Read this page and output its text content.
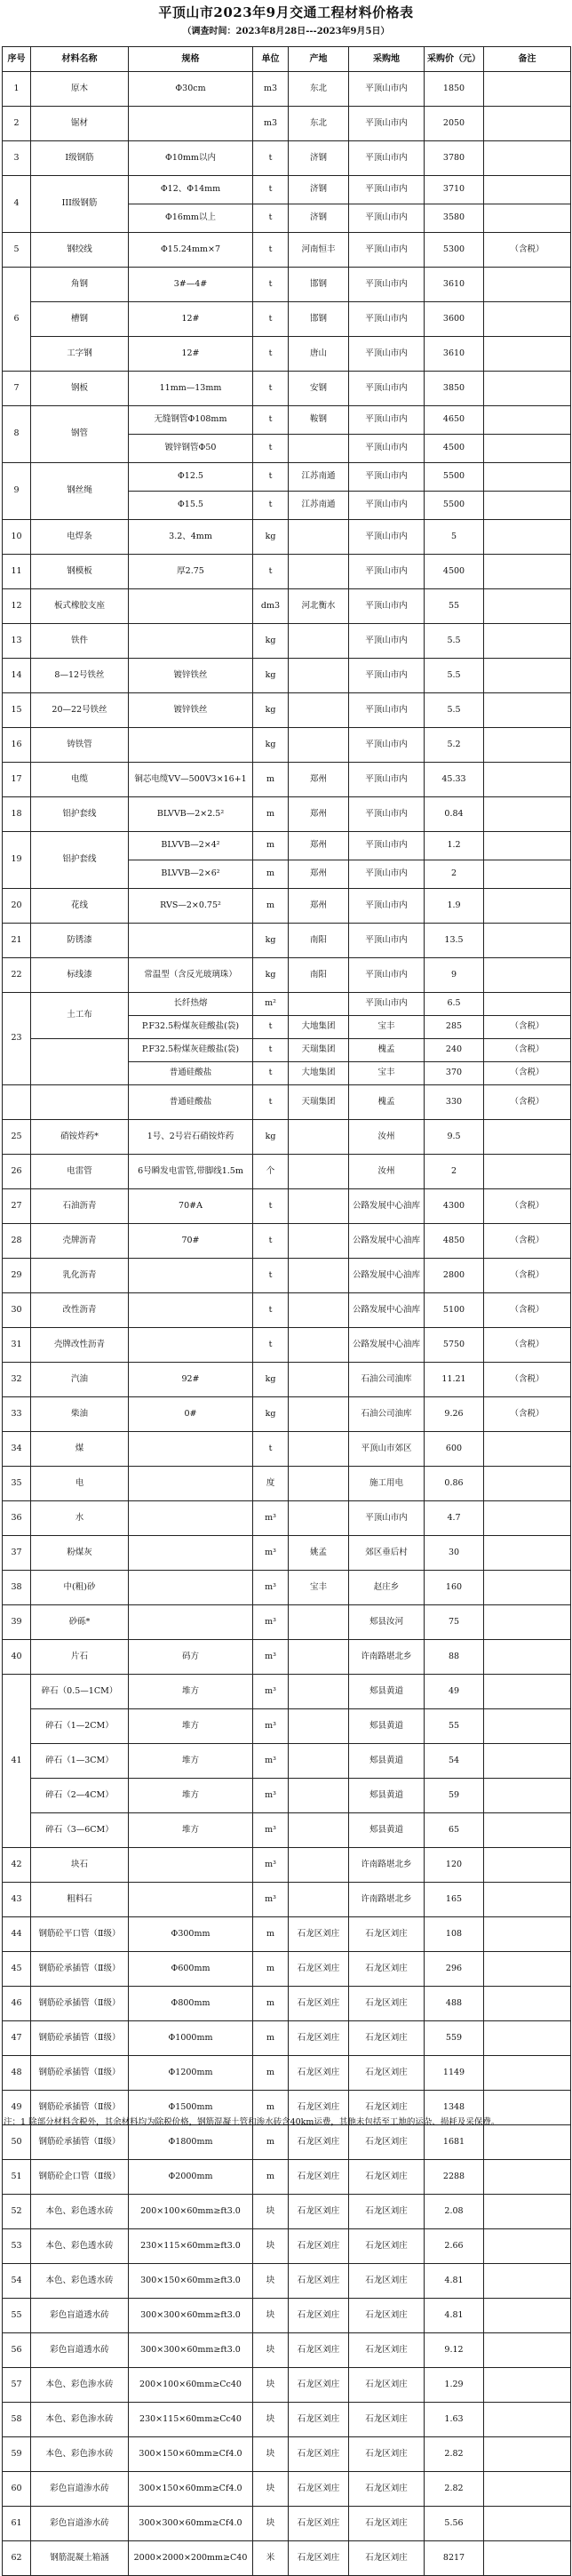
平顶山市2023年9月交通工程材料价格表
（调查时间：2023年8月28日---2023年9月5日）
序号	材料名称	规格	单位	产地	采购地	采购价（元）	备注
1	原木	Φ30cm	m3	东北	平顶山市内	1850	
2	锯材		m3	东北	平顶山市内	2050	
3	Ⅰ级钢筋	Φ10mm以内	t	济钢	平顶山市内	3780	
4	III级钢筋	Φ12、Φ14mm	t	济钢	平顶山市内	3710	
		Φ16mm以上	t	济钢	平顶山市内	3580	
5	钢绞线	Φ15.24mm×7	t	河南恒丰	平顶山市内	5300	（含税）
6	角钢	3#—4#	t	邯钢	平顶山市内	3610	
	槽钢	12#	t	邯钢	平顶山市内	3600	
	工字钢	12#	t	唐山	平顶山市内	3610	
7	钢板	11mm—13mm	t	安钢	平顶山市内	3850	
8	钢管	无缝钢管Φ108mm	t	鞍钢	平顶山市内	4650	
		镀锌钢管Φ50	t		平顶山市内	4500	
9	钢丝绳	Φ12.5	t	江苏南通	平顶山市内	5500	
		Φ15.5	t	江苏南通	平顶山市内	5500	
10	电焊条	3.2、4mm	kg		平顶山市内	5	
11	钢模板	厚2.75	t		平顶山市内	4500	
12	板式橡胶支座		dm3	河北衡水	平顶山市内	55	
13	铁件		kg		平顶山市内	5.5	
14	8—12号铁丝	镀锌铁丝	kg		平顶山市内	5.5	
15	20—22号铁丝	镀锌铁丝	kg		平顶山市内	5.5	
16	铸铁管		kg		平顶山市内	5.2	
17	电缆	铜芯电缆VV—500V3×16+1	m	郑州	平顶山市内	45.33	
18	铝护套线	BLVVB—2×2.5²	m	郑州	平顶山市内	0.84	
19	铝护套线	BLVVB—2×4²	m	郑州	平顶山市内	1.2	
		BLVVB—2×6²	m	郑州	平顶山市内	2	
20	花线	RVS—2×0.75²	m	郑州	平顶山市内	1.9	
21	防锈漆		kg	南阳	平顶山市内	13.5	
22	标线漆	常温型（含反光玻璃珠）	kg	南阳	平顶山市内	9	
23	土工布	长纤热熔	m²		平顶山市内	6.5	
		P.F32.5粉煤灰硅酸盐(袋)	t	大地集团	宝丰	285	（含税）
		P.F32.5粉煤灰硅酸盐(袋)	t	天瑞集团	槐孟	240	（含税）
		普通硅酸盐	t	大地集团	宝丰	370	（含税）
		普通硅酸盐	t	天瑞集团	槐孟	330	（含税）
25	硝铵炸药*	1号、2号岩石硝铵炸药	kg		汝州	9.5	
26	电雷管	6号瞬发电雷管,带脚线1.5m	个		汝州	2	
27	石油沥青	70#A	t		公路发展中心油库	4300	（含税）
28	壳牌沥青	70#	t		公路发展中心油库	4850	（含税）
29	乳化沥青		t		公路发展中心油库	2800	（含税）
30	改性沥青		t		公路发展中心油库	5100	（含税）
31	壳牌改性沥青		t		公路发展中心油库	5750	（含税）
32	汽油	92#	kg		石油公司油库	11.21	（含税）
33	柴油	0#	kg		石油公司油库	9.26	（含税）
34	煤		t		平顶山市郊区	600	
35	电		度		施工用电	0.86	
36	水		m³		平顶山市内	4.7	
37	粉煤灰		m³	姚孟	郊区垂后村	30	
38	中(粗)砂		m³	宝丰	赵庄乡	160	
39	砂砾*		m³		郏县汝河	75	
40	片石	码方	m³		许南路堪北乡	88	
41	碎石（0.5—1CM）	堆方	m³		郏县黄道	49	
	碎石（1—2CM）	堆方	m³		郏县黄道	55	
	碎石（1—3CM）	堆方	m³		郏县黄道	54	
	碎石（2—4CM）	堆方	m³		郏县黄道	59	
	碎石（3—6CM）	堆方	m³		郏县黄道	65	
42	块石		m³		许南路堪北乡	120	
43	粗料石		m³		许南路堪北乡	165	
44	钢筋砼平口管（Ⅱ级）	Φ300mm	m	石龙区刘庄	石龙区刘庄	108	
45	钢筋砼承插管（Ⅱ级）	Φ600mm	m	石龙区刘庄	石龙区刘庄	296	
46	钢筋砼承插管（Ⅱ级）	Φ800mm	m	石龙区刘庄	石龙区刘庄	488	
47	钢筋砼承插管（Ⅱ级）	Φ1000mm	m	石龙区刘庄	石龙区刘庄	559	
48	钢筋砼承插管（Ⅱ级）	Φ1200mm	m	石龙区刘庄	石龙区刘庄	1149	
49	钢筋砼承插管（Ⅱ级）	Φ1500mm	m	石龙区刘庄	石龙区刘庄	1348	
50	钢筋砼承插管（Ⅱ级）	Φ1800mm	m	石龙区刘庄	石龙区刘庄	1681	
51	钢筋砼企口管（Ⅱ级）	Φ2000mm	m	石龙区刘庄	石龙区刘庄	2288	
52	本色、彩色透水砖	200×100×60mm≥ft3.0	块	石龙区刘庄	石龙区刘庄	2.08	
53	本色、彩色透水砖	230×115×60mm≥ft3.0	块	石龙区刘庄	石龙区刘庄	2.66	
54	本色、彩色透水砖	300×150×60mm≥ft3.0	块	石龙区刘庄	石龙区刘庄	4.81	
55	彩色盲道透水砖	300×300×60mm≥ft3.0	块	石龙区刘庄	石龙区刘庄	4.81	
56	彩色盲道透水砖	300×300×60mm≥ft3.0	块	石龙区刘庄	石龙区刘庄	9.12	
57	本色、彩色渗水砖	200×100×60mm≥Cc40	块	石龙区刘庄	石龙区刘庄	1.29	
58	本色、彩色渗水砖	230×115×60mm≥Cc40	块	石龙区刘庄	石龙区刘庄	1.63	
59	本色、彩色渗水砖	300×150×60mm≥Cf4.0	块	石龙区刘庄	石龙区刘庄	2.82	
60	彩色盲道渗水砖	300×150×60mm≥Cf4.0	块	石龙区刘庄	石龙区刘庄	2.82	
61	彩色盲道渗水砖	300×300×60mm≥Cf4.0	块	石龙区刘庄	石龙区刘庄	5.56	
62	钢筋混凝土箱涵	2000×2000×200mm≥C40	米	石龙区刘庄	石龙区刘庄	8217	
注：1 除部分材料含税外，其余材料均为除税价格，钢筋混凝土管和渗水砖含40km运费，其他未包括至工地的运杂、损耗及采保费。
